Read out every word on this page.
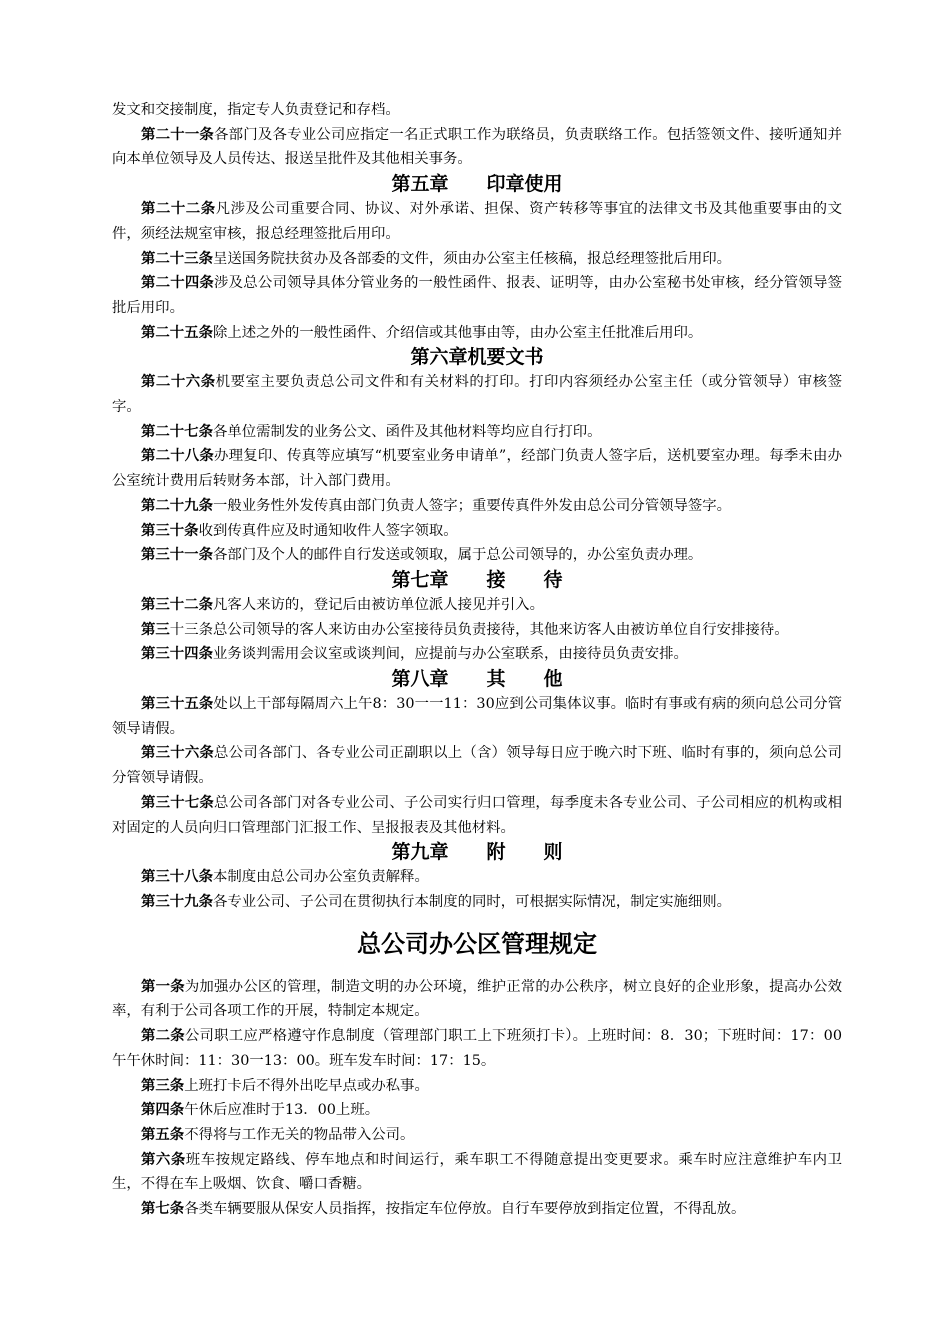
发文和交接制度，指定专人负责登记和存档。

第二十一条各部门及各专业公司应指定一名正式职工作为联络员，负责联络工作。包括签领文件、接听通知并向本单位领导及人员传达、报送呈批件及其他相关事务。

第五章　　印章使用

第二十二条凡涉及公司重要合同、协议、对外承诺、担保、资产转移等事宜的法律文书及其他重要事由的文件，须经法规室审核，报总经理签批后用印。

第二十三条呈送国务院扶贫办及各部委的文件，须由办公室主任核稿，报总经理签批后用印。

第二十四条涉及总公司领导具体分管业务的一般性函件、报表、证明等，由办公室秘书处审核，经分管领导签批后用印。

第二十五条除上述之外的一般性函件、介绍信或其他事由等，由办公室主任批准后用印。

第六章机要文书

第二十六条机要室主要负责总公司文件和有关材料的打印。打印内容须经办公室主任（或分管领导）审核签字。

第二十七条各单位需制发的业务公文、函件及其他材料等均应自行打印。

第二十八条办理复印、传真等应填写“机要室业务申请单”，经部门负责人签字后，送机要室办理。每季未由办公室统计费用后转财务本部，计入部门费用。

第二十九条一般业务性外发传真由部门负责人签字；重要传真件外发由总公司分管领导签字。

第三十条收到传真件应及时通知收件人签字领取。

第三十一条各部门及个人的邮件自行发送或领取，属于总公司领导的，办公室负责办理。

第七章　　接　　待

第三十二条凡客人来访的，登记后由被访单位派人接见并引入。

第三十三条总公司领导的客人来访由办公室接待员负责接待，其他来访客人由被访单位自行安排接待。

第三十四条业务谈判需用会议室或谈判间，应提前与办公室联系，由接待员负责安排。

第八章　　其　　他

第三十五条处以上干部每隔周六上午8：30一一11：30应到公司集体议事。临时有事或有病的须向总公司分管领导请假。

第三十六条总公司各部门、各专业公司正副职以上（含）领导每日应于晚六时下班、临时有事的，须向总公司分管领导请假。

第三十七条总公司各部门对各专业公司、子公司实行归口管理，每季度未各专业公司、子公司相应的机构或相对固定的人员向归口管理部门汇报工作、呈报报表及其他材料。

第九章　　附　　则

第三十八条本制度由总公司办公室负责解释。

第三十九条各专业公司、子公司在贯彻执行本制度的同时，可根据实际情况，制定实施细则。

总公司办公区管理规定

第一条为加强办公区的管理，制造文明的办公环境，维护正常的办公秩序，树立良好的企业形象，提高办公效率，有利于公司各项工作的开展，特制定本规定。

第二条公司职工应严格遵守作息制度（管理部门职工上下班须打卡）。上班时间：8．30；下班时间：17：00午午休时间：11：30一13：00。班车发车时间：17：15。

第三条上班打卡后不得外出吃早点或办私事。

第四条午休后应准时于13．00上班。

第五条不得将与工作无关的物品带入公司。

第六条班车按规定路线、停车地点和时间运行，乘车职工不得随意提出变更要求。乘车时应注意维护车内卫生，不得在车上吸烟、饮食、嚼口香糖。

第七条各类车辆要服从保安人员指挥，按指定车位停放。自行车要停放到指定位置，不得乱放。
